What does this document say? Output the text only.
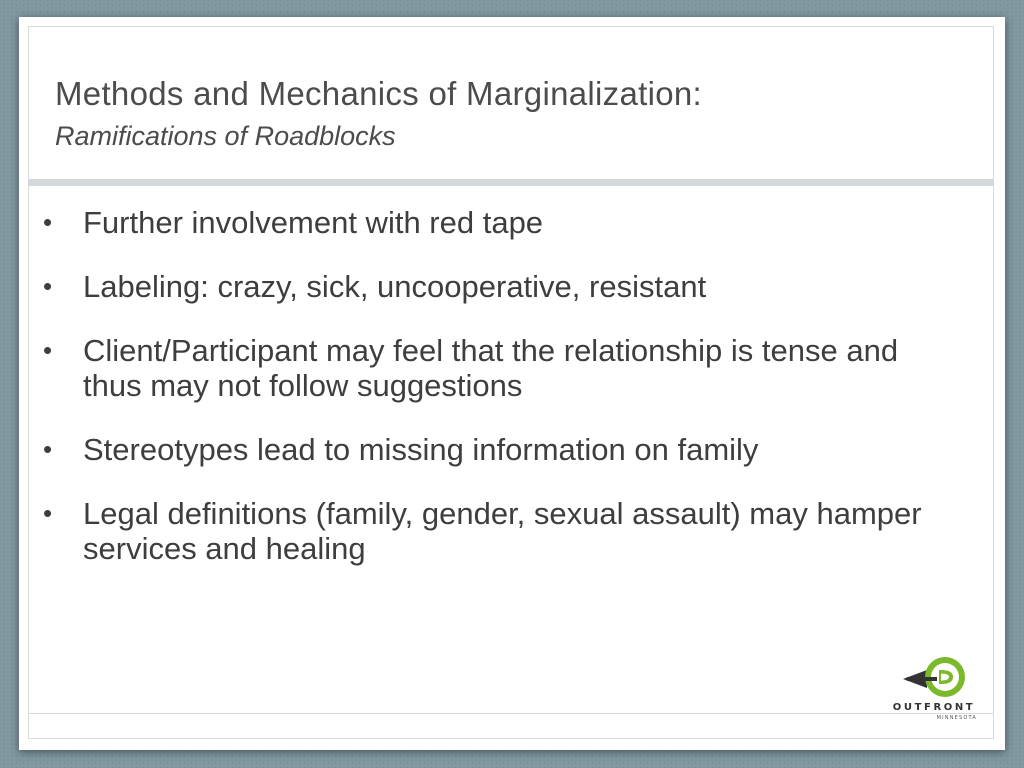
Methods and Mechanics of Marginalization:
Ramifications of Roadblocks
• Further involvement with red tape
• Labeling: crazy, sick, uncooperative, resistant
• Client/Participant may feel that the relationship is tense and thus may not follow suggestions
• Stereotypes lead to missing information on family
• Legal definitions (family, gender, sexual assault) may hamper services and healing
OUTFRONT
MINNESOTA
